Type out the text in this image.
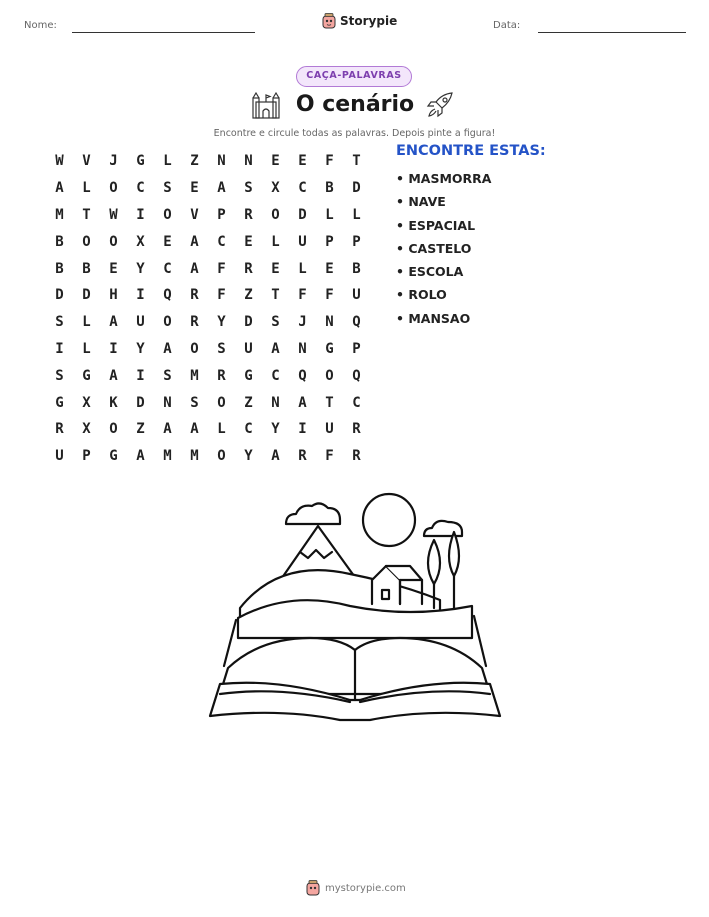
Nome:	Storypie	Data:
CAÇA-PALAVRAS
O cenário
Encontre e circule todas as palavras. Depois pinte a figura!
W	V	J	G	L	Z	N	N	E	E	F	T
A	L	O	C	S	E	A	S	X	C	B	D
M	T	W	I	O	V	P	R	O	D	L	L
B	O	O	X	E	A	C	E	L	U	P	P
B	B	E	Y	C	A	F	R	E	L	E	B
D	D	H	I	Q	R	F	Z	T	F	F	U
S	L	A	U	O	R	Y	D	S	J	N	Q
I	L	I	Y	A	O	S	U	A	N	G	P
S	G	A	I	S	M	R	G	C	Q	O	Q
G	X	K	D	N	S	O	Z	N	A	T	C
R	X	O	Z	A	A	L	C	Y	I	U	R
U	P	G	A	M	M	O	Y	A	R	F	R
ENCONTRE ESTAS:
• MASMORRA
• NAVE
• ESPACIAL
• CASTELO
• ESCOLA
• ROLO
• MANSAO
mystorypie.com
